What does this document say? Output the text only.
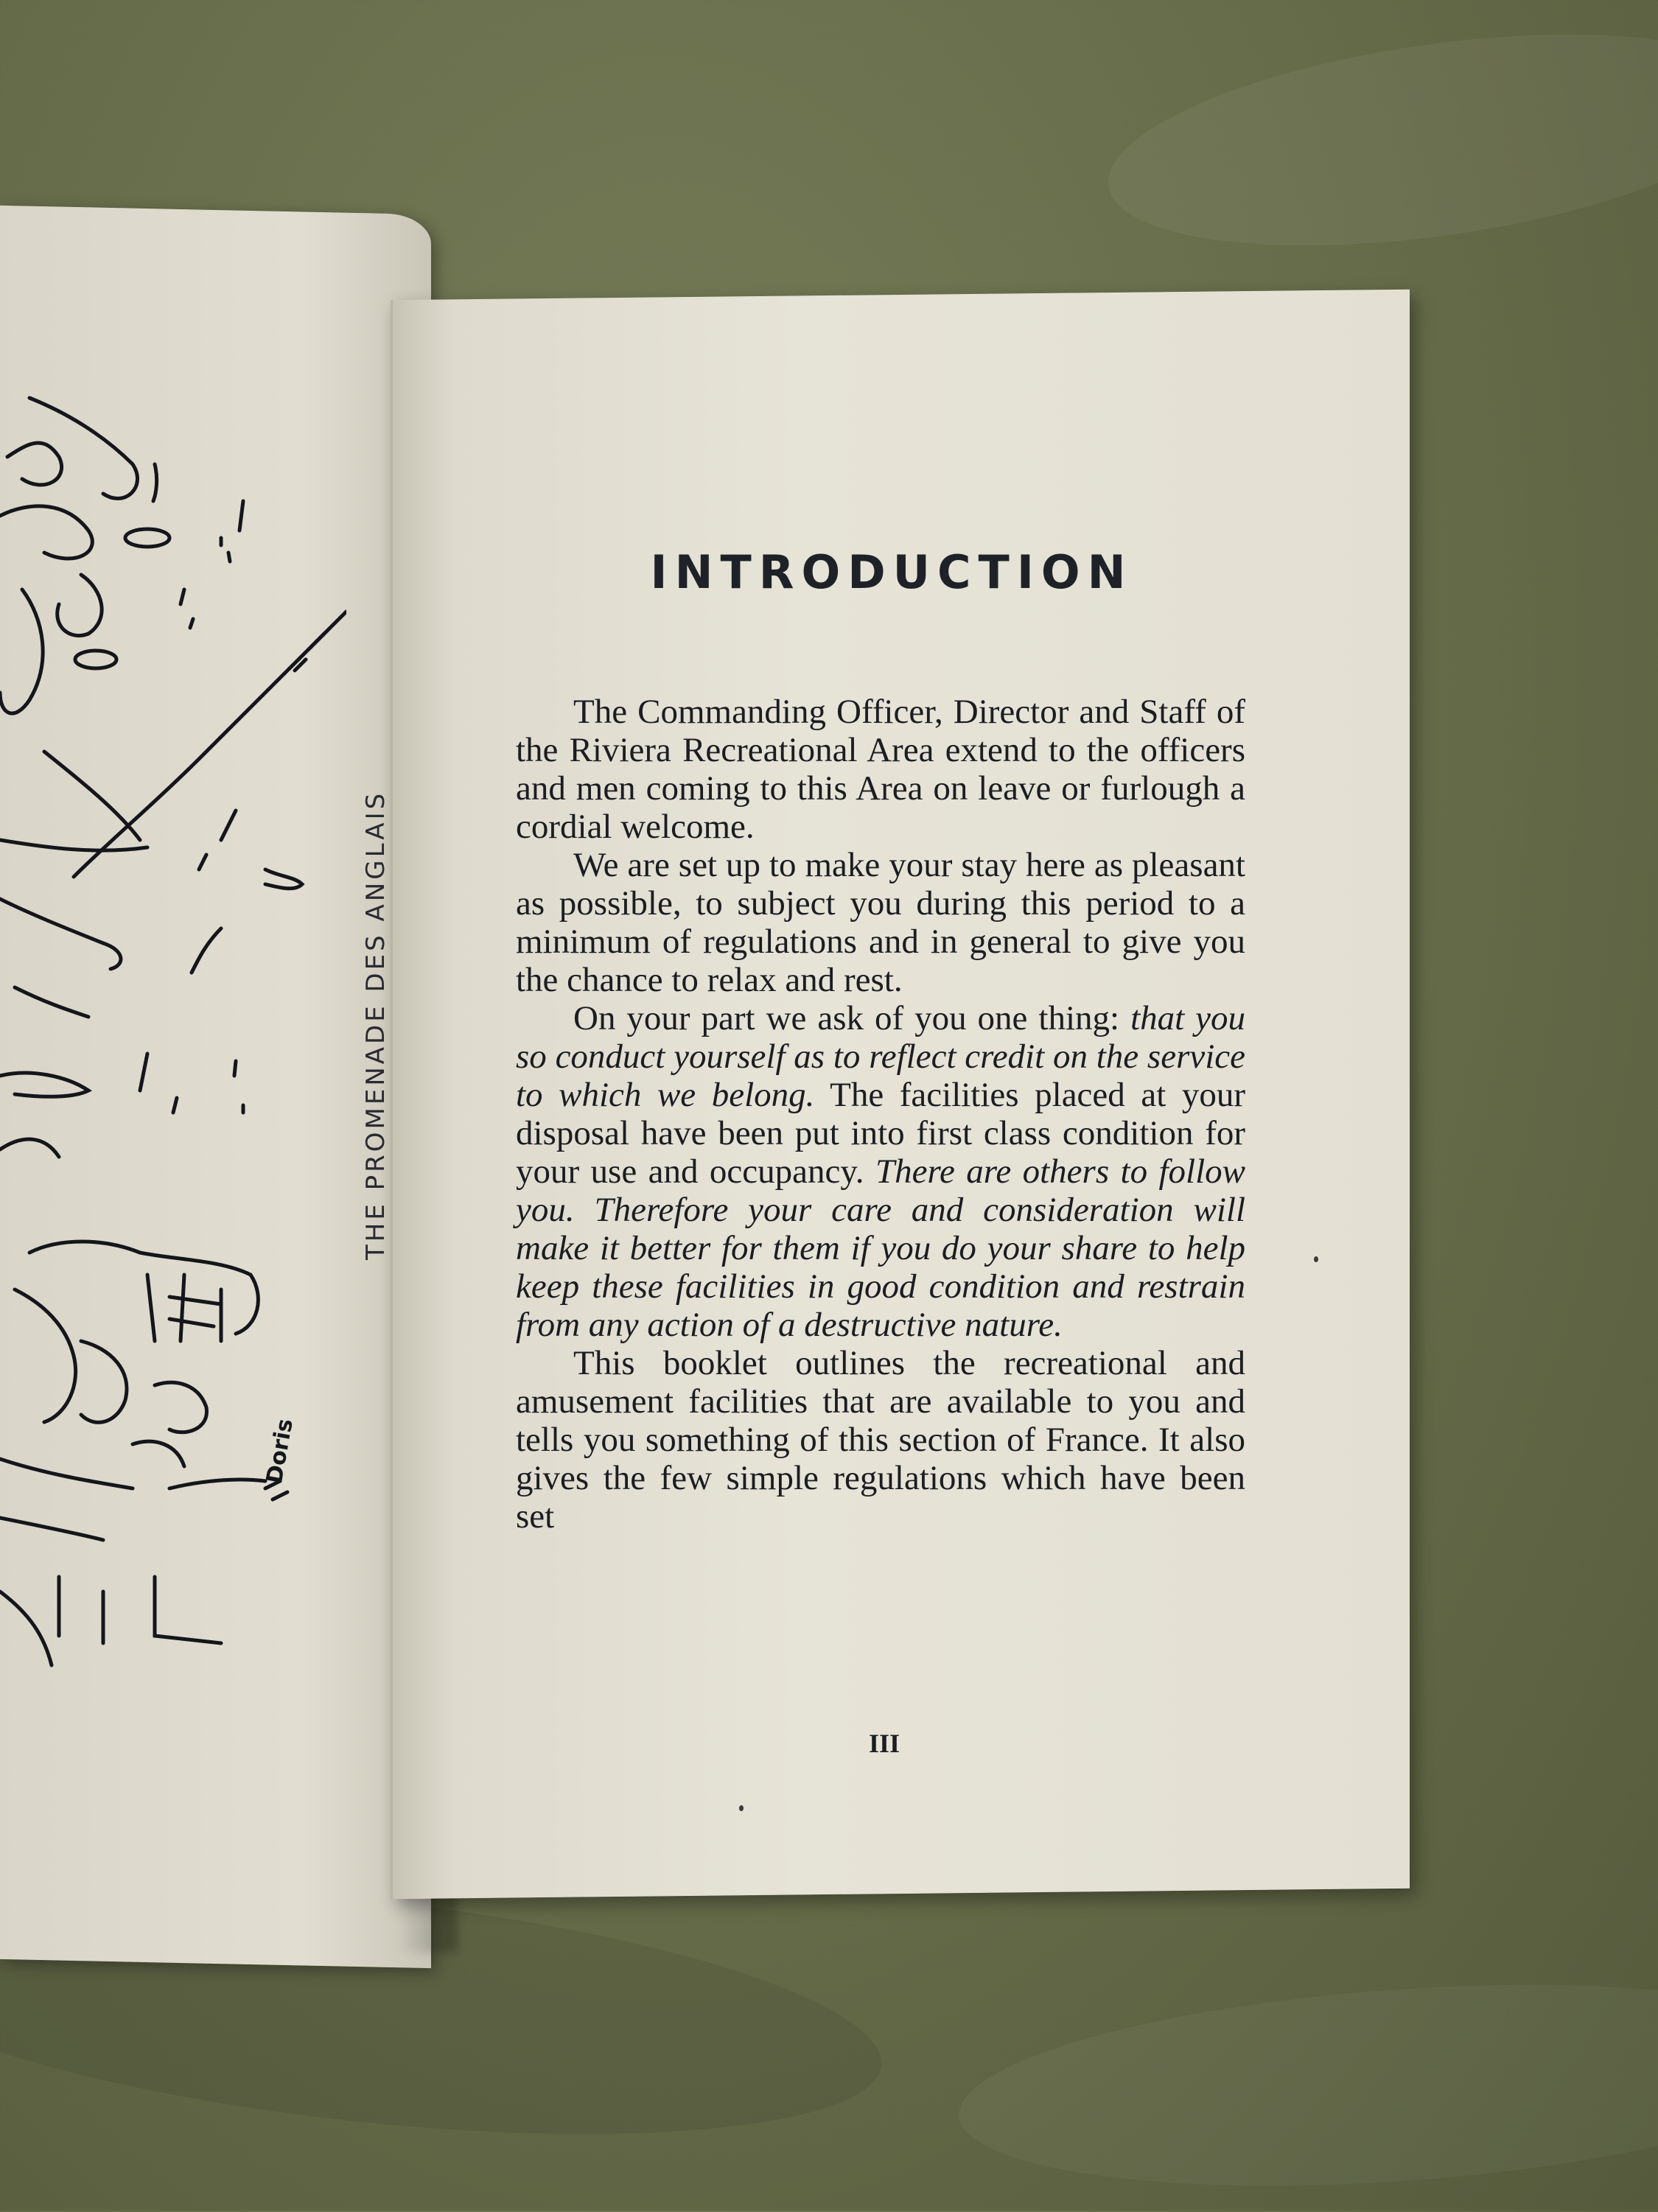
Doris
THE PROMENADE DES ANGLAIS
INTRODUCTION

The Commanding Officer, Director and Staff of the Riviera Recreational Area extend to the officers and men coming to this Area on leave or furlough a cordial welcome.

We are set up to make your stay here as pleasant as possible, to subject you during this period to a minimum of regulations and in general to give you the chance to relax and rest.

On your part we ask of you one thing: that you so conduct yourself as to reflect credit on the service to which we belong. The facilities placed at your disposal have been put into first class condition for your use and occupancy. There are others to follow you. Therefore your care and consideration will make it better for them if you do your share to help keep these facilities in good condition and restrain from any action of a destructive nature.

This booklet outlines the recreational and amusement facilities that are available to you and tells you something of this section of France. It also gives the few simple regulations which have been set

III
